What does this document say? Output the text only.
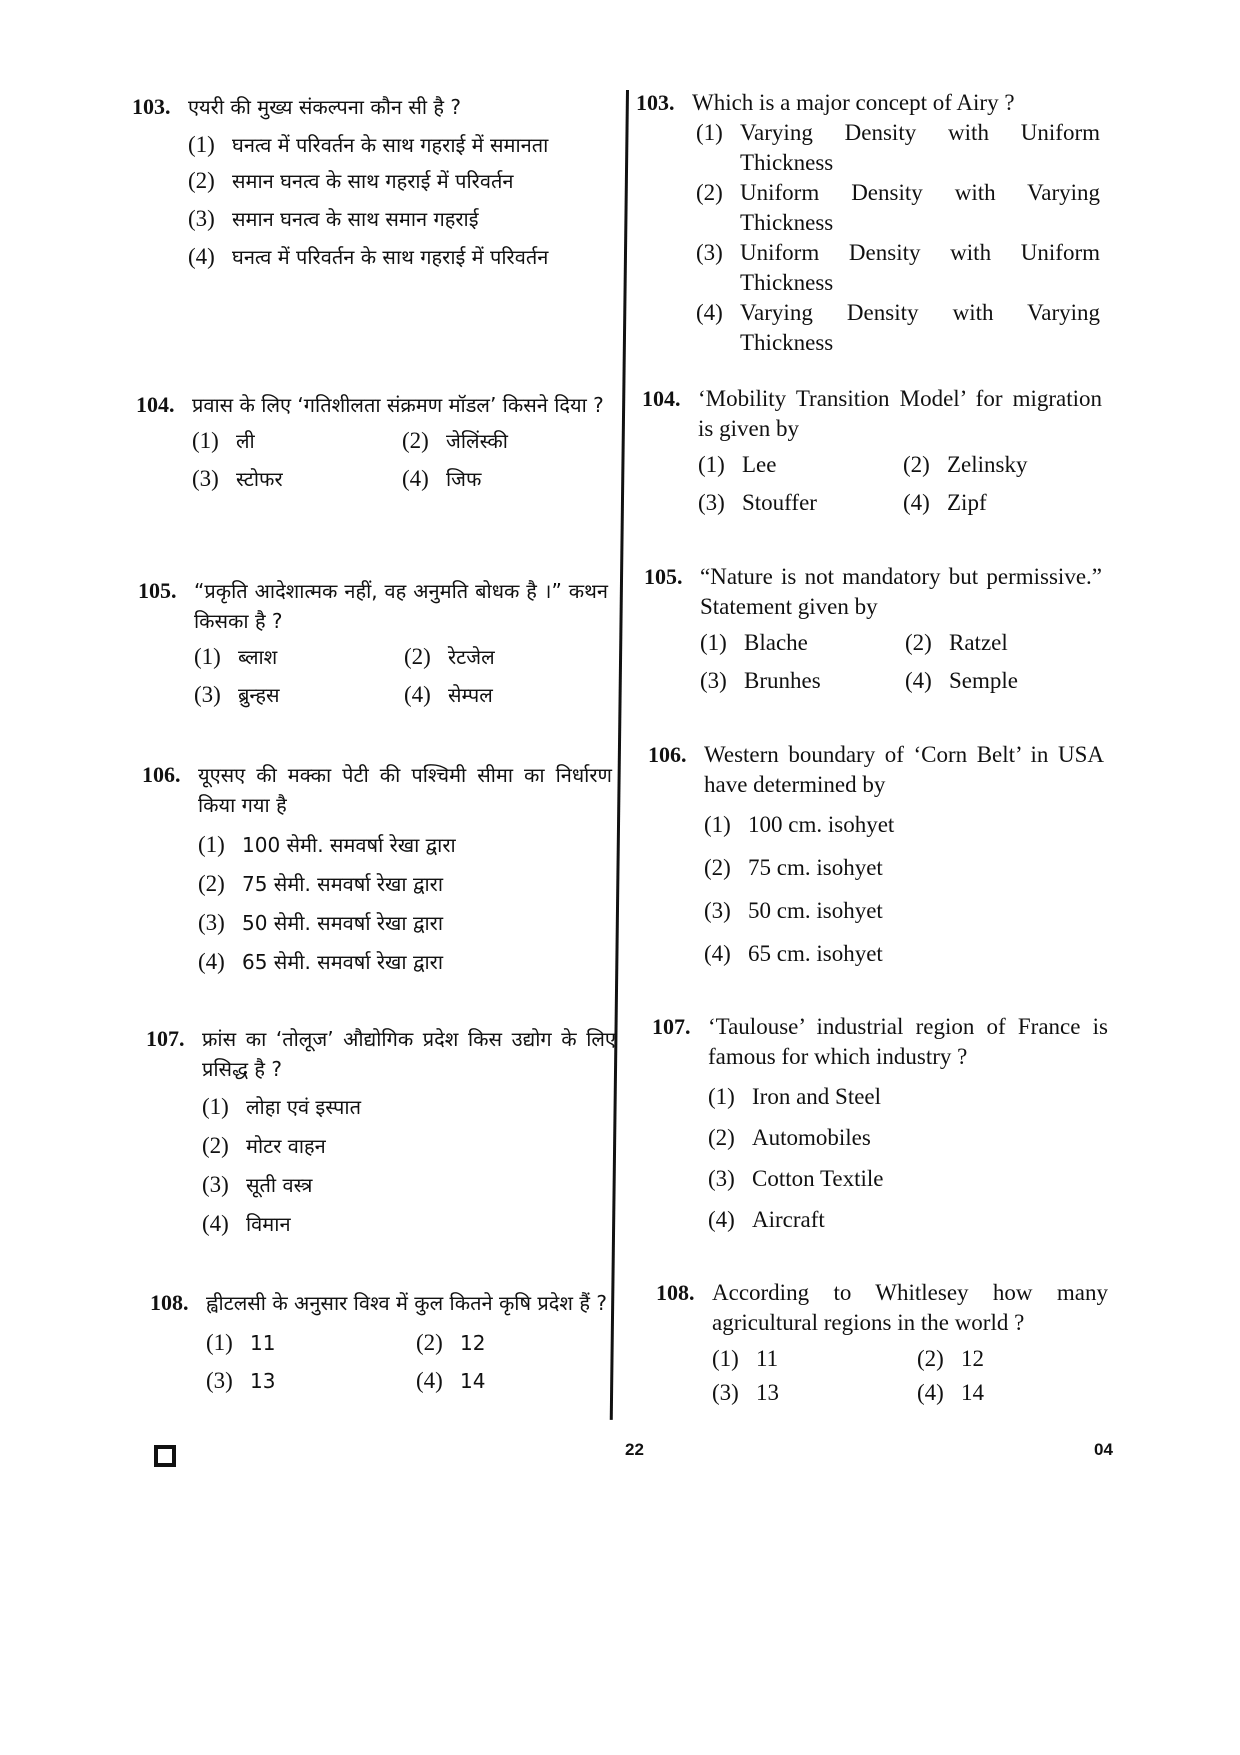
103. एयरी की मुख्य संकल्पना कौन सी है ?
(1) घनत्व में परिवर्तन के साथ गहराई में समानता
(2) समान घनत्व के साथ गहराई में परिवर्तन
(3) समान घनत्व के साथ समान गहराई
(4) घनत्व में परिवर्तन के साथ गहराई में परिवर्तन
104. प्रवास के लिए ‘गतिशीलता संक्रमण मॉडल’ किसने दिया ?
(1) ली	(2) जेलिंस्की
(3) स्टोफर	(4) जिफ
105. “प्रकृति आदेशात्मक नहीं, वह अनुमति बोधक है ।” कथन किसका है ?
(1) ब्लाश	(2) रेटजेल
(3) ब्रुन्हस	(4) सेम्पल
106. यूएसए की मक्का पेटी की पश्चिमी सीमा का निर्धारण किया गया है
(1) 100 सेमी. समवर्षा रेखा द्वारा
(2) 75 सेमी. समवर्षा रेखा द्वारा
(3) 50 सेमी. समवर्षा रेखा द्वारा
(4) 65 सेमी. समवर्षा रेखा द्वारा
107. फ्रांस का ‘तोलूज’ औद्योगिक प्रदेश किस उद्योग के लिए प्रसिद्ध है ?
(1) लोहा एवं इस्पात
(2) मोटर वाहन
(3) सूती वस्त्र
(4) विमान
108. ह्वीटलसी के अनुसार विश्व में कुल कितने कृषि प्रदेश हैं ?
(1) 11	(2) 12
(3) 13	(4) 14
103. Which is a major concept of Airy ?
(1) Varying Density with Uniform Thickness
(2) Uniform Density with Varying Thickness
(3) Uniform Density with Uniform Thickness
(4) Varying Density with Varying Thickness
104. ‘Mobility Transition Model’ for migration is given by
(1) Lee	(2) Zelinsky
(3) Stouffer	(4) Zipf
105. “Nature is not mandatory but permissive.” Statement given by
(1) Blache	(2) Ratzel
(3) Brunhes	(4) Semple
106. Western boundary of ‘Corn Belt’ in USA have determined by
(1) 100 cm. isohyet
(2) 75 cm. isohyet
(3) 50 cm. isohyet
(4) 65 cm. isohyet
107. ‘Taulouse’ industrial region of France is famous for which industry ?
(1) Iron and Steel
(2) Automobiles
(3) Cotton Textile
(4) Aircraft
108. According to Whitlesey how many agricultural regions in the world ?
(1) 11	(2) 12
(3) 13	(4) 14
22	04
